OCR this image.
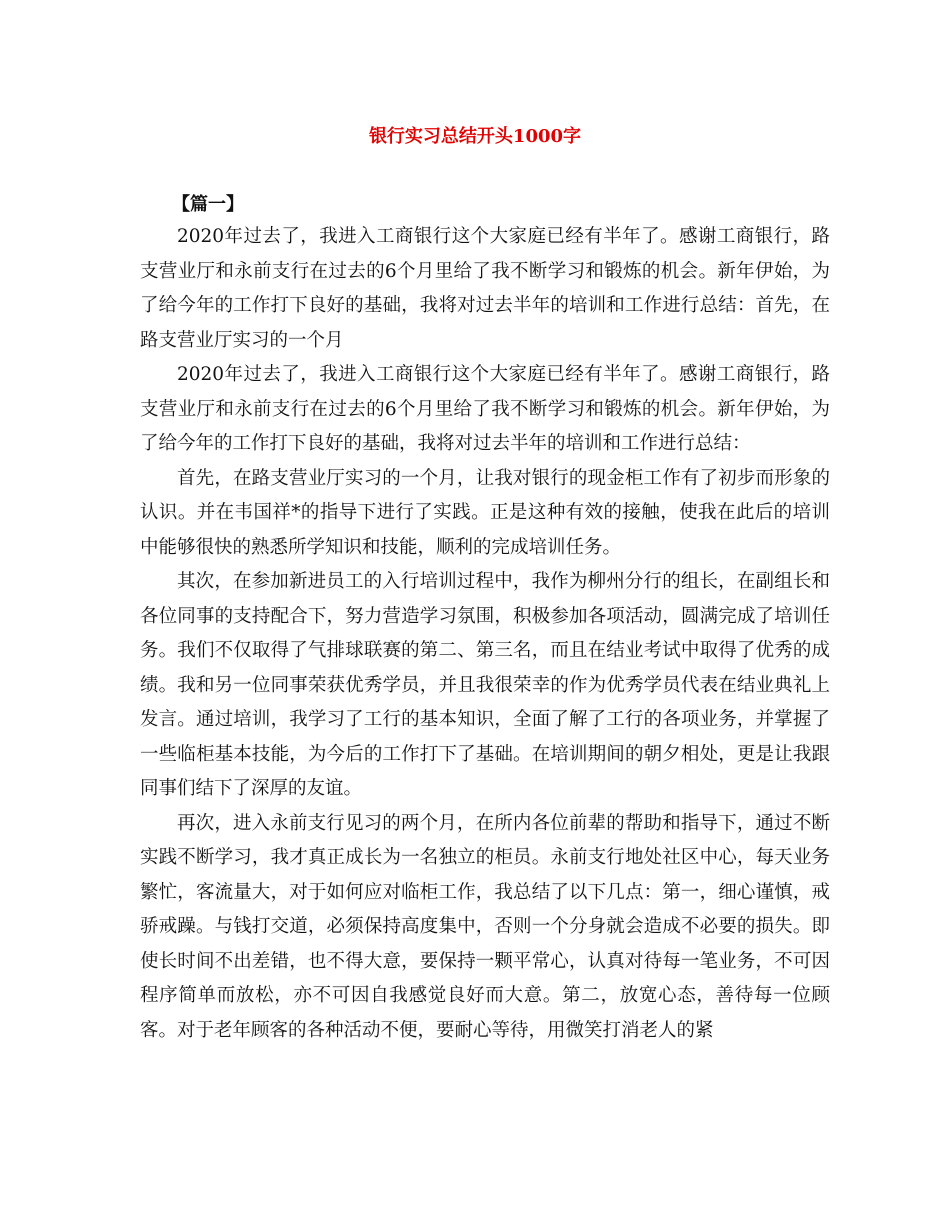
银行实习总结开头1000字

【篇一】

2020年过去了，我进入工商银行这个大家庭已经有半年了。感谢工商银行，路支营业厅和永前支行在过去的6个月里给了我不断学习和锻炼的机会。新年伊始，为了给今年的工作打下良好的基础，我将对过去半年的培训和工作进行总结：首先，在路支营业厅实习的一个月

2020年过去了，我进入工商银行这个大家庭已经有半年了。感谢工商银行，路支营业厅和永前支行在过去的6个月里给了我不断学习和锻炼的机会。新年伊始，为了给今年的工作打下良好的基础，我将对过去半年的培训和工作进行总结：

首先，在路支营业厅实习的一个月，让我对银行的现金柜工作有了初步而形象的认识。并在韦国祥*的指导下进行了实践。正是这种有效的接触，使我在此后的培训中能够很快的熟悉所学知识和技能，顺利的完成培训任务。

其次，在参加新进员工的入行培训过程中，我作为柳州分行的组长，在副组长和各位同事的支持配合下，努力营造学习氛围，积极参加各项活动，圆满完成了培训任务。我们不仅取得了气排球联赛的第二、第三名，而且在结业考试中取得了优秀的成绩。我和另一位同事荣获优秀学员，并且我很荣幸的作为优秀学员代表在结业典礼上发言。通过培训，我学习了工行的基本知识，全面了解了工行的各项业务，并掌握了一些临柜基本技能，为今后的工作打下了基础。在培训期间的朝夕相处，更是让我跟同事们结下了深厚的友谊。

再次，进入永前支行见习的两个月，在所内各位前辈的帮助和指导下，通过不断实践不断学习，我才真正成长为一名独立的柜员。永前支行地处社区中心，每天业务繁忙，客流量大，对于如何应对临柜工作，我总结了以下几点：第一，细心谨慎，戒骄戒躁。与钱打交道，必须保持高度集中，否则一个分身就会造成不必要的损失。即使长时间不出差错，也不得大意，要保持一颗平常心，认真对待每一笔业务，不可因程序简单而放松，亦不可因自我感觉良好而大意。第二，放宽心态，善待每一位顾客。对于老年顾客的各种活动不便，要耐心等待，用微笑打消老人的紧
